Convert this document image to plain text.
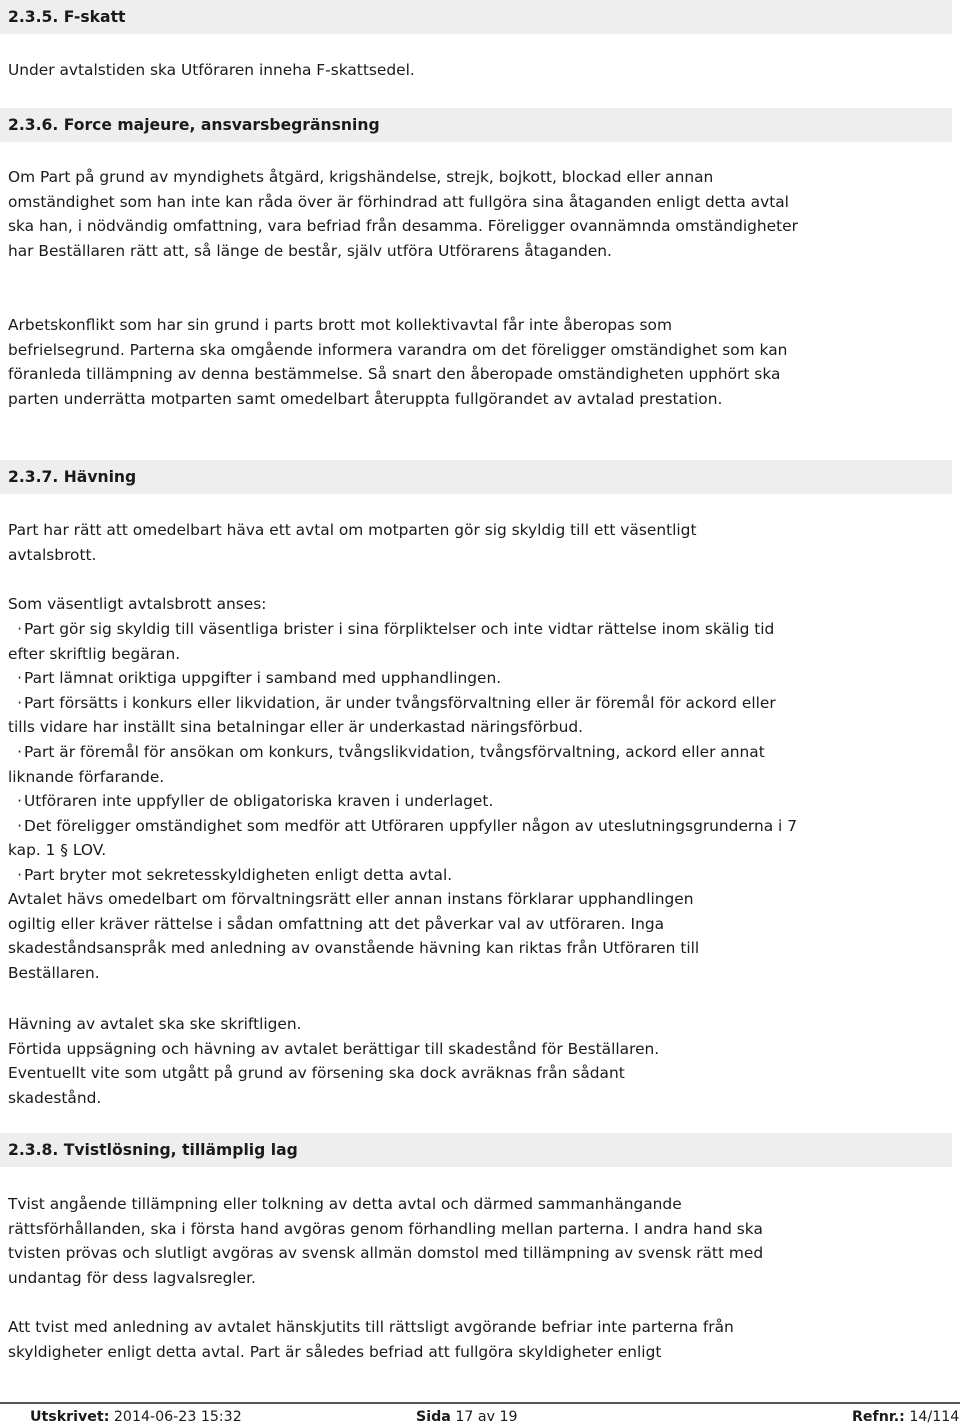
2.3.5. F-skatt

Under avtalstiden ska Utföraren inneha F-skattsedel.

2.3.6. Force majeure, ansvarsbegränsning

Om Part på grund av myndighets åtgärd, krigshändelse, strejk, bojkott, blockad eller annan omständighet som han inte kan råda över är förhindrad att fullgöra sina åtaganden enligt detta avtal ska han, i nödvändig omfattning, vara befriad från desamma. Föreligger ovannämnda omständigheter har Beställaren rätt att, så länge de består, själv utföra Utförarens åtaganden.

Arbetskonflikt som har sin grund i parts brott mot kollektivavtal får inte åberopas som befrielsegrund. Parterna ska omgående informera varandra om det föreligger omständighet som kan föranleda tillämpning av denna bestämmelse. Så snart den åberopade omständigheten upphört ska parten underrätta motparten samt omedelbart återuppta fullgörandet av avtalad prestation.

2.3.7. Hävning

Part har rätt att omedelbart häva ett avtal om motparten gör sig skyldig till ett väsentligt avtalsbrott.

Som väsentligt avtalsbrott anses:

· Part gör sig skyldig till väsentliga brister i sina förpliktelser och inte vidtar rättelse inom skälig tid efter skriftlig begäran.
· Part lämnat oriktiga uppgifter i samband med upphandlingen.
· Part försätts i konkurs eller likvidation, är under tvångsförvaltning eller är föremål för ackord eller tills vidare har inställt sina betalningar eller är underkastad näringsförbud.
· Part är föremål för ansökan om konkurs, tvångslikvidation, tvångsförvaltning, ackord eller annat liknande förfarande.
· Utföraren inte uppfyller de obligatoriska kraven i underlaget.
· Det föreligger omständighet som medför att Utföraren uppfyller någon av uteslutningsgrunderna i 7 kap. 1 § LOV.
· Part bryter mot sekretesskyldigheten enligt detta avtal.

Avtalet hävs omedelbart om förvaltningsrätt eller annan instans förklarar upphandlingen ogiltig eller kräver rättelse i sådan omfattning att det påverkar val av utföraren. Inga skadeståndsanspråk med anledning av ovanstående hävning kan riktas från Utföraren till Beställaren.

Hävning av avtalet ska ske skriftligen.
Förtida uppsägning och hävning av avtalet berättigar till skadestånd för Beställaren.
Eventuellt vite som utgått på grund av försening ska dock avräknas från sådant skadestånd.
2.3.8. Tvistlösning, tillämplig lag

Tvist angående tillämpning eller tolkning av detta avtal och därmed sammanhängande rättsförhållanden, ska i första hand avgöras genom förhandling mellan parterna. I andra hand ska tvisten prövas och slutligt avgöras av svensk allmän domstol med tillämpning av svensk rätt med undantag för dess lagvalsregler.

Att tvist med anledning av avtalet hänskjutits till rättsligt avgörande befriar inte parterna från skyldigheter enligt detta avtal. Part är således befriad att fullgöra skyldigheter enligt

Utskrivet: 2014-06-23 15:32	Sida 17 av 19	Refnr.: 14/114
